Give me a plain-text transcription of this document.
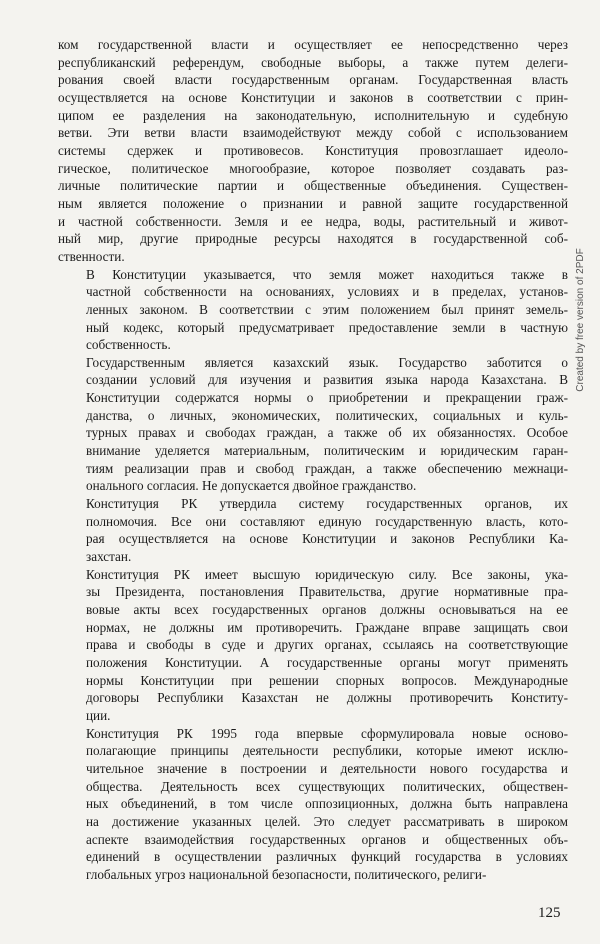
ком государственной власти и осуществляет ее непосредственно через
республиканский референдум, свободные выборы, а также путем делеги-
рования своей власти государственным органам. Государственная власть
осуществляется на основе Конституции и законов в соответствии с прин-
ципом ее разделения на законодательную, исполнительную и судебную
ветви. Эти ветви власти взаимодействуют между собой с использованием
системы сдержек и противовесов. Конституция провозглашает идеоло-
гическое, политическое многообразие, которое позволяет создавать раз-
личные политические партии и общественные объединения. Существен-
ным является положение о признании и равной защите государственной
и частной собственности. Земля и ее недра, воды, растительный и живот-
ный мир, другие природные ресурсы находятся в государственной соб-
ственности.
В Конституции указывается, что земля может находиться также в
частной собственности на основаниях, условиях и в пределах, установ-
ленных законом. В соответствии с этим положением был принят земель-
ный кодекс, который предусматривает предоставление земли в частную
собственность.
Государственным является казахский язык. Государство заботится о
создании условий для изучения и развития языка народа Казахстана. В
Конституции содержатся нормы о приобретении и прекращении граж-
данства, о личных, экономических, политических, социальных и куль-
турных правах и свободах граждан, а также об их обязанностях. Особое
внимание уделяется материальным, политическим и юридическим гаран-
тиям реализации прав и свобод граждан, а также обеспечению межнаци-
онального согласия. Не допускается двойное гражданство.
Конституция РК утвердила систему государственных органов, их
полномочия. Все они составляют единую государственную власть, кото-
рая осуществляется на основе Конституции и законов Республики Ка-
захстан.
Конституция РК имеет высшую юридическую силу. Все законы, ука-
зы Президента, постановления Правительства, другие нормативные пра-
вовые акты всех государственных органов должны основываться на ее
нормах, не должны им противоречить. Граждане вправе защищать свои
права и свободы в суде и других органах, ссылаясь на соответствующие
положения Конституции. А государственные органы могут применять
нормы Конституции при решении спорных вопросов. Международные
договоры Республики Казахстан не должны противоречить Конститу-
ции.
Конституция РК 1995 года впервые сформулировала новые осново-
полагающие принципы деятельности республики, которые имеют исклю-
чительное значение в построении и деятельности нового государства и
общества. Деятельность всех существующих политических, обществен-
ных объединений, в том числе оппозиционных, должна быть направлена
на достижение указанных целей. Это следует рассматривать в широком
аспекте взаимодействия государственных органов и общественных объ-
единений в осуществлении различных функций государства в условиях
глобальных угроз национальной безопасности, политического, религи-
125
Created by free version of 2PDF
